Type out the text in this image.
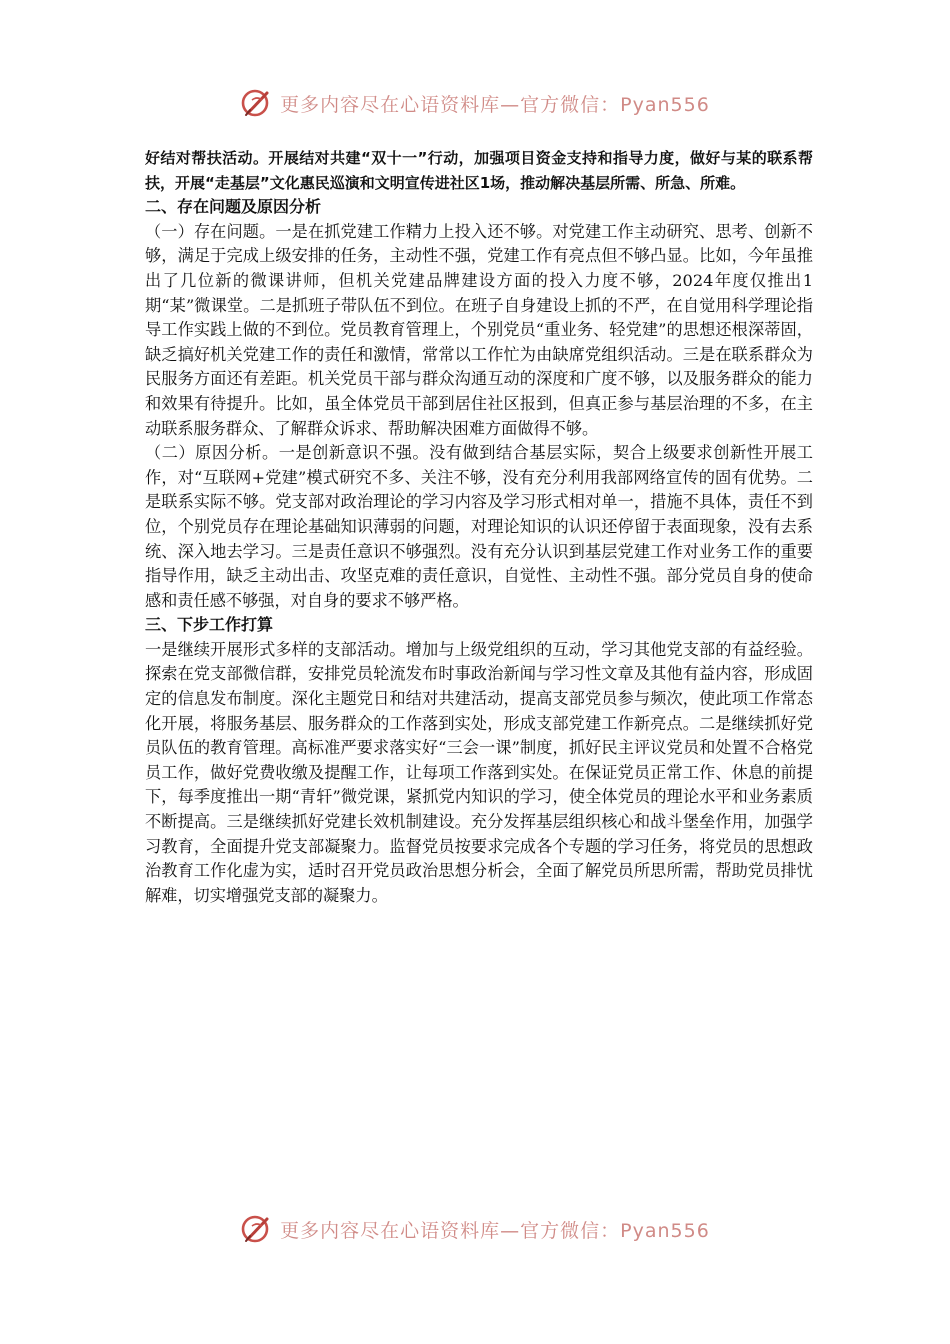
更多内容尽在心语资料库—官方微信：Pyan556

好结对帮扶活动。开展结对共建“双十一”行动，加强项目资金支持和指导力度，做好与某的联系帮扶，开展“走基层”文化惠民巡演和文明宣传进社区1场，推动解决基层所需、所急、所难。

二、存在问题及原因分析

（一）存在问题。一是在抓党建工作精力上投入还不够。对党建工作主动研究、思考、创新不够，满足于完成上级安排的任务，主动性不强，党建工作有亮点但不够凸显。比如，今年虽推出了几位新的微课讲师，但机关党建品牌建设方面的投入力度不够，2024年度仅推出1期“某”微课堂。二是抓班子带队伍不到位。在班子自身建设上抓的不严，在自觉用科学理论指导工作实践上做的不到位。党员教育管理上，个别党员“重业务、轻党建”的思想还根深蒂固，缺乏搞好机关党建工作的责任和激情，常常以工作忙为由缺席党组织活动。三是在联系群众为民服务方面还有差距。机关党员干部与群众沟通互动的深度和广度不够，以及服务群众的能力和效果有待提升。比如，虽全体党员干部到居住社区报到，但真正参与基层治理的不多，在主动联系服务群众、了解群众诉求、帮助解决困难方面做得不够。

（二）原因分析。一是创新意识不强。没有做到结合基层实际，契合上级要求创新性开展工作，对“互联网+党建”模式研究不多、关注不够，没有充分利用我部网络宣传的固有优势。二是联系实际不够。党支部对政治理论的学习内容及学习形式相对单一，措施不具体，责任不到位，个别党员存在理论基础知识薄弱的问题，对理论知识的认识还停留于表面现象，没有去系统、深入地去学习。三是责任意识不够强烈。没有充分认识到基层党建工作对业务工作的重要指导作用，缺乏主动出击、攻坚克难的责任意识，自觉性、主动性不强。部分党员自身的使命感和责任感不够强，对自身的要求不够严格。

三、下步工作打算

一是继续开展形式多样的支部活动。增加与上级党组织的互动，学习其他党支部的有益经验。探索在党支部微信群，安排党员轮流发布时事政治新闻与学习性文章及其他有益内容，形成固定的信息发布制度。深化主题党日和结对共建活动，提高支部党员参与频次，使此项工作常态化开展，将服务基层、服务群众的工作落到实处，形成支部党建工作新亮点。二是继续抓好党员队伍的教育管理。高标准严要求落实好“三会一课”制度，抓好民主评议党员和处置不合格党员工作，做好党费收缴及提醒工作，让每项工作落到实处。在保证党员正常工作、休息的前提下，每季度推出一期“青轩”微党课，紧抓党内知识的学习，使全体党员的理论水平和业务素质不断提高。三是继续抓好党建长效机制建设。充分发挥基层组织核心和战斗堡垒作用，加强学习教育，全面提升党支部凝聚力。监督党员按要求完成各个专题的学习任务，将党员的思想政治教育工作化虚为实，适时召开党员政治思想分析会，全面了解党员所思所需，帮助党员排忧解难，切实增强党支部的凝聚力。

更多内容尽在心语资料库—官方微信：Pyan556
